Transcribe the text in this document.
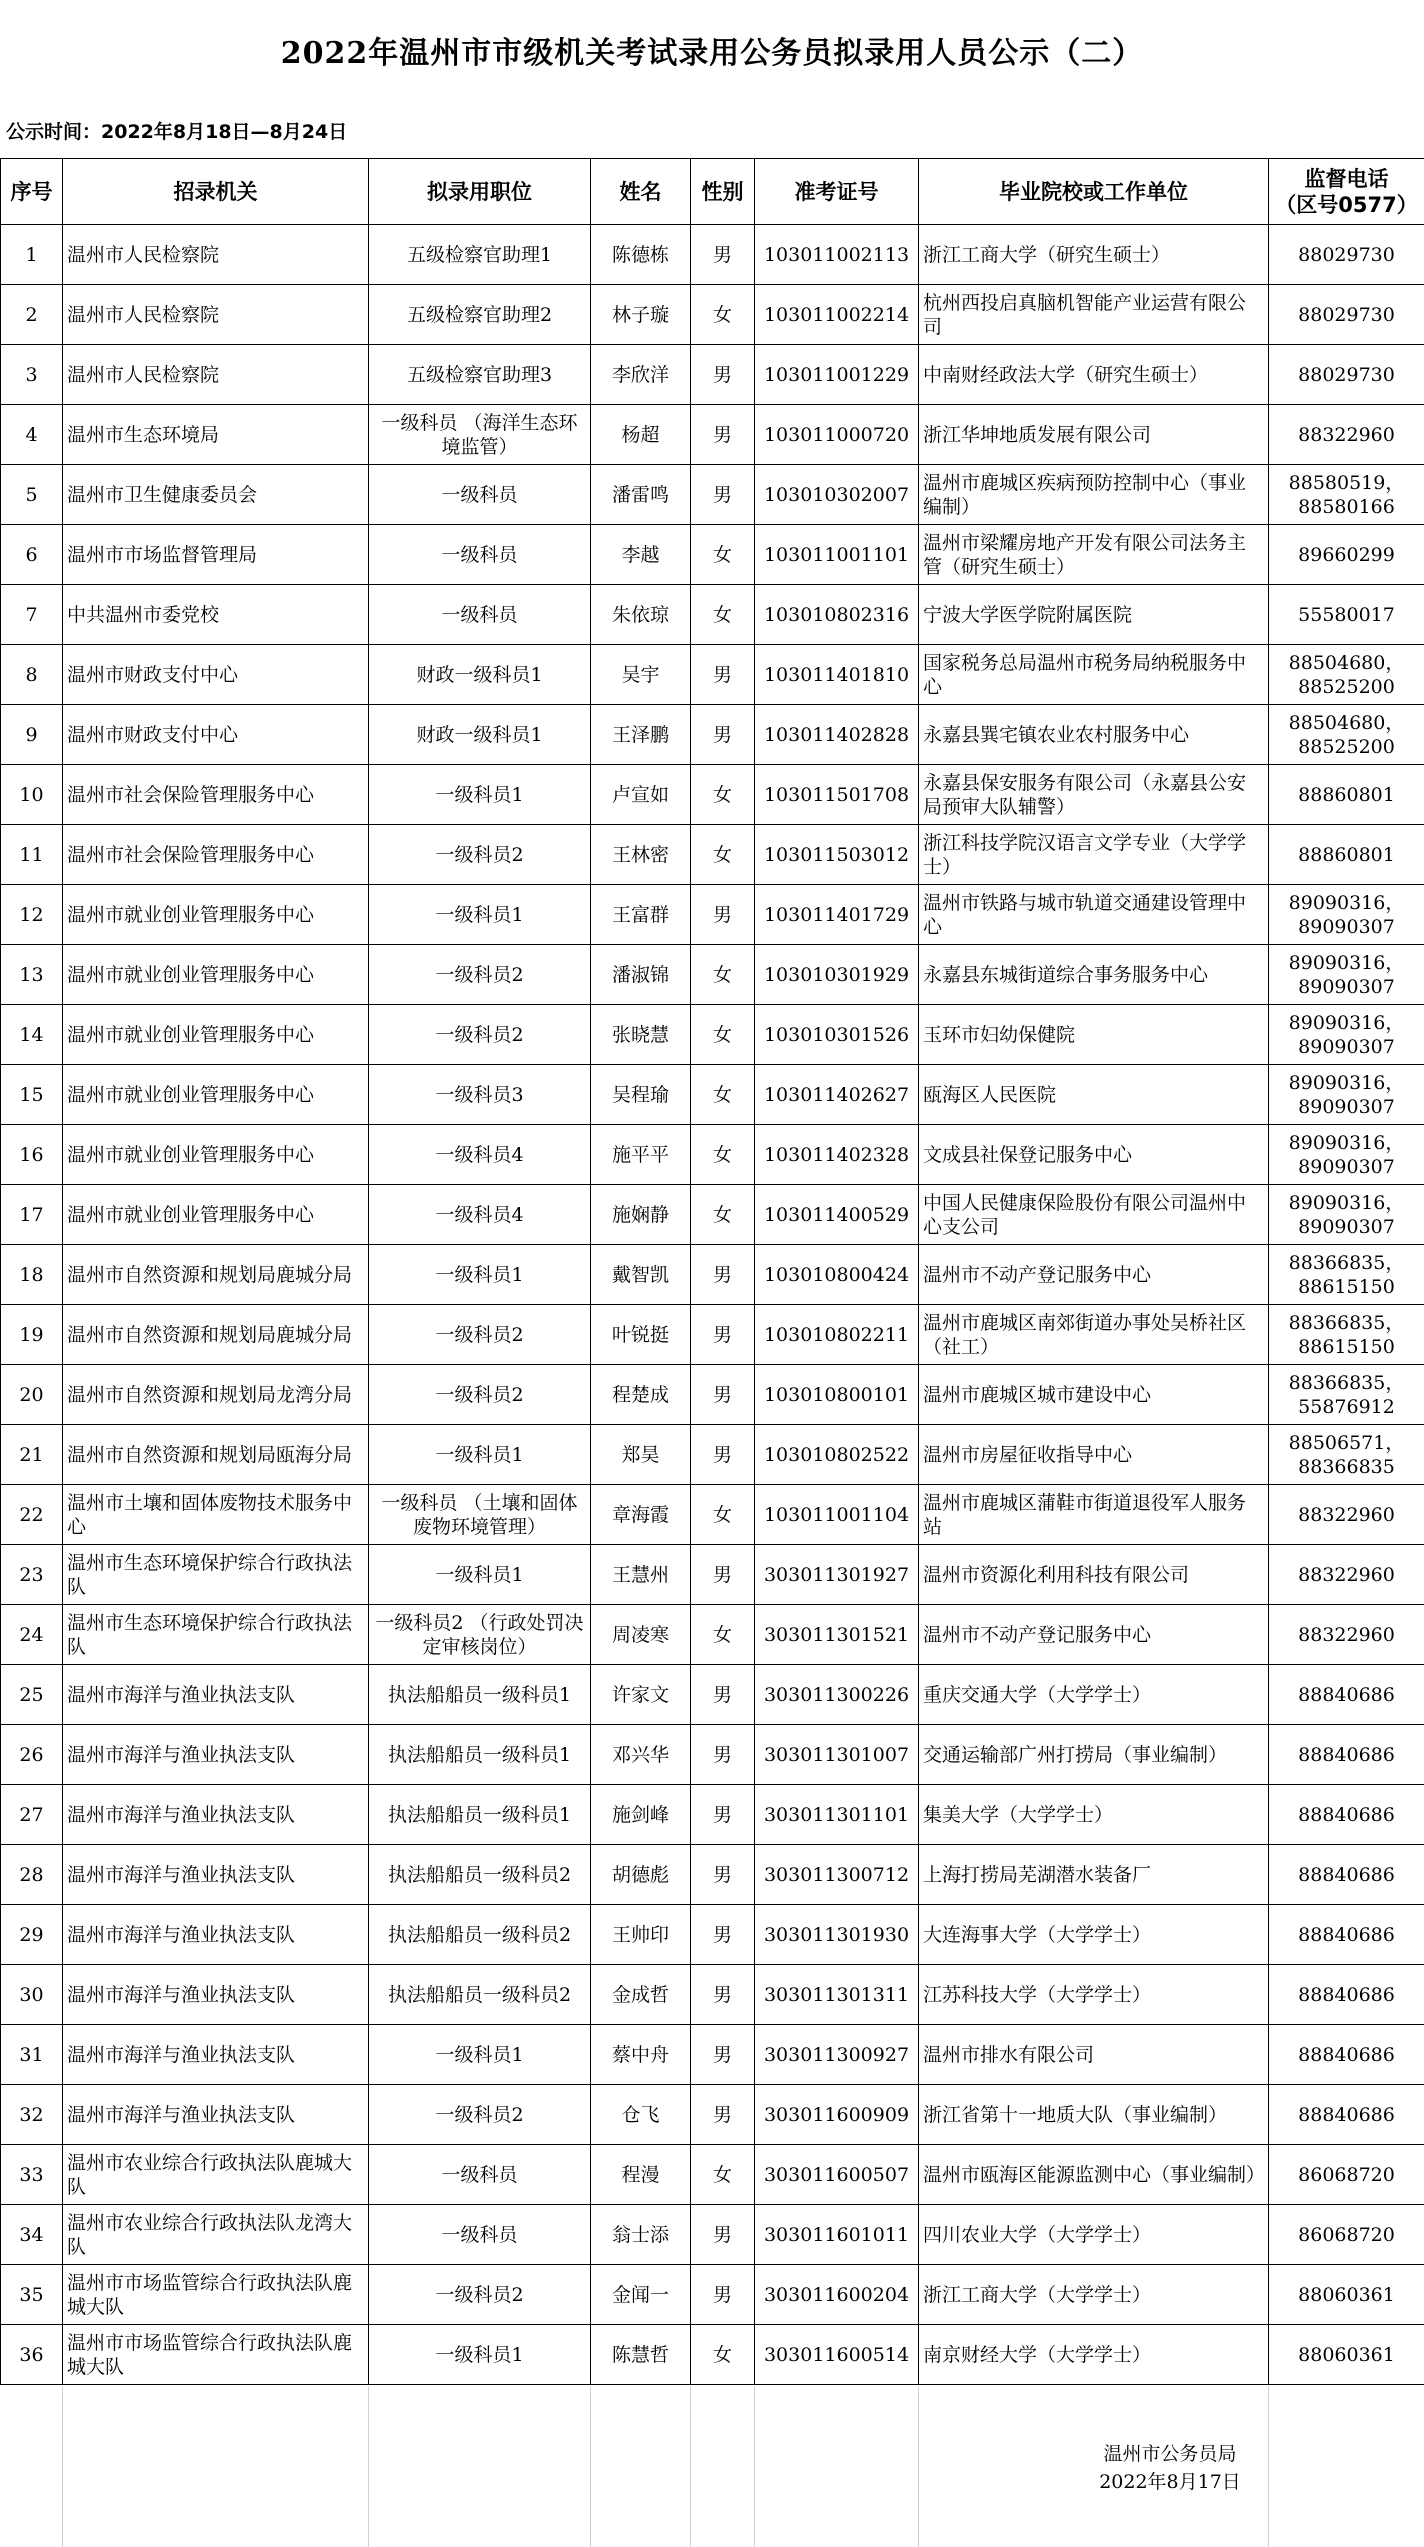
2022年温州市市级机关考试录用公务员拟录用人员公示（二）
公示时间：2022年8月18日—8月24日
序号	招录机关	拟录用职位	姓名	性别	准考证号	毕业院校或工作单位	监督电话
（区号0577）
1	温州市人民检察院	五级检察官助理1	陈德栋	男	103011002113	浙江工商大学（研究生硕士）	88029730
2	温州市人民检察院	五级检察官助理2	林子璇	女	103011002214	杭州西投启真脑机智能产业运营有限公司	88029730
3	温州市人民检察院	五级检察官助理3	李欣洋	男	103011001229	中南财经政法大学（研究生硕士）	88029730
4	温州市生态环境局	一级科员 （海洋生态环境监管）	杨超	男	103011000720	浙江华坤地质发展有限公司	88322960
5	温州市卫生健康委员会	一级科员	潘雷鸣	男	103010302007	温州市鹿城区疾病预防控制中心（事业编制）	88580519，
88580166
6	温州市市场监督管理局	一级科员	李越	女	103011001101	温州市梁耀房地产开发有限公司法务主管（研究生硕士）	89660299
7	中共温州市委党校	一级科员	朱依琼	女	103010802316	宁波大学医学院附属医院	55580017
8	温州市财政支付中心	财政一级科员1	吴宇	男	103011401810	国家税务总局温州市税务局纳税服务中心	88504680，
88525200
9	温州市财政支付中心	财政一级科员1	王泽鹏	男	103011402828	永嘉县巽宅镇农业农村服务中心	88504680，
88525200
10	温州市社会保险管理服务中心	一级科员1	卢宣如	女	103011501708	永嘉县保安服务有限公司（永嘉县公安局预审大队辅警）	88860801
11	温州市社会保险管理服务中心	一级科员2	王林密	女	103011503012	浙江科技学院汉语言文学专业（大学学士）	88860801
12	温州市就业创业管理服务中心	一级科员1	王富群	男	103011401729	温州市铁路与城市轨道交通建设管理中心	89090316，
89090307
13	温州市就业创业管理服务中心	一级科员2	潘淑锦	女	103010301929	永嘉县东城街道综合事务服务中心	89090316，
89090307
14	温州市就业创业管理服务中心	一级科员2	张晓慧	女	103010301526	玉环市妇幼保健院	89090316，
89090307
15	温州市就业创业管理服务中心	一级科员3	吴程瑜	女	103011402627	瓯海区人民医院	89090316，
89090307
16	温州市就业创业管理服务中心	一级科员4	施平平	女	103011402328	文成县社保登记服务中心	89090316，
89090307
17	温州市就业创业管理服务中心	一级科员4	施娴静	女	103011400529	中国人民健康保险股份有限公司温州中心支公司	89090316，
89090307
18	温州市自然资源和规划局鹿城分局	一级科员1	戴智凯	男	103010800424	温州市不动产登记服务中心	88366835，
88615150
19	温州市自然资源和规划局鹿城分局	一级科员2	叶锐挺	男	103010802211	温州市鹿城区南郊街道办事处吴桥社区（社工）	88366835，
88615150
20	温州市自然资源和规划局龙湾分局	一级科员2	程楚成	男	103010800101	温州市鹿城区城市建设中心	88366835，
55876912
21	温州市自然资源和规划局瓯海分局	一级科员1	郑昊	男	103010802522	温州市房屋征收指导中心	88506571，
88366835
22	温州市土壤和固体废物技术服务中心	一级科员 （土壤和固体废物环境管理）	章海霞	女	103011001104	温州市鹿城区蒲鞋市街道退役军人服务站	88322960
23	温州市生态环境保护综合行政执法队	一级科员1	王慧州	男	303011301927	温州市资源化利用科技有限公司	88322960
24	温州市生态环境保护综合行政执法队	一级科员2 （行政处罚决定审核岗位）	周凌寒	女	303011301521	温州市不动产登记服务中心	88322960
25	温州市海洋与渔业执法支队	执法船船员一级科员1	许家文	男	303011300226	重庆交通大学（大学学士）	88840686
26	温州市海洋与渔业执法支队	执法船船员一级科员1	邓兴华	男	303011301007	交通运输部广州打捞局（事业编制）	88840686
27	温州市海洋与渔业执法支队	执法船船员一级科员1	施剑峰	男	303011301101	集美大学（大学学士）	88840686
28	温州市海洋与渔业执法支队	执法船船员一级科员2	胡德彪	男	303011300712	上海打捞局芜湖潜水装备厂	88840686
29	温州市海洋与渔业执法支队	执法船船员一级科员2	王帅印	男	303011301930	大连海事大学（大学学士）	88840686
30	温州市海洋与渔业执法支队	执法船船员一级科员2	金成哲	男	303011301311	江苏科技大学（大学学士）	88840686
31	温州市海洋与渔业执法支队	一级科员1	蔡中舟	男	303011300927	温州市排水有限公司	88840686
32	温州市海洋与渔业执法支队	一级科员2	仓飞	男	303011600909	浙江省第十一地质大队（事业编制）	88840686
33	温州市农业综合行政执法队鹿城大队	一级科员	程漫	女	303011600507	温州市瓯海区能源监测中心（事业编制）	86068720
34	温州市农业综合行政执法队龙湾大队	一级科员	翁士添	男	303011601011	四川农业大学（大学学士）	86068720
35	温州市市场监管综合行政执法队鹿城大队	一级科员2	金闻一	男	303011600204	浙江工商大学（大学学士）	88060361
36	温州市市场监管综合行政执法队鹿城大队	一级科员1	陈慧哲	女	303011600514	南京财经大学（大学学士）	88060361
温州市公务员局
2022年8月17日
